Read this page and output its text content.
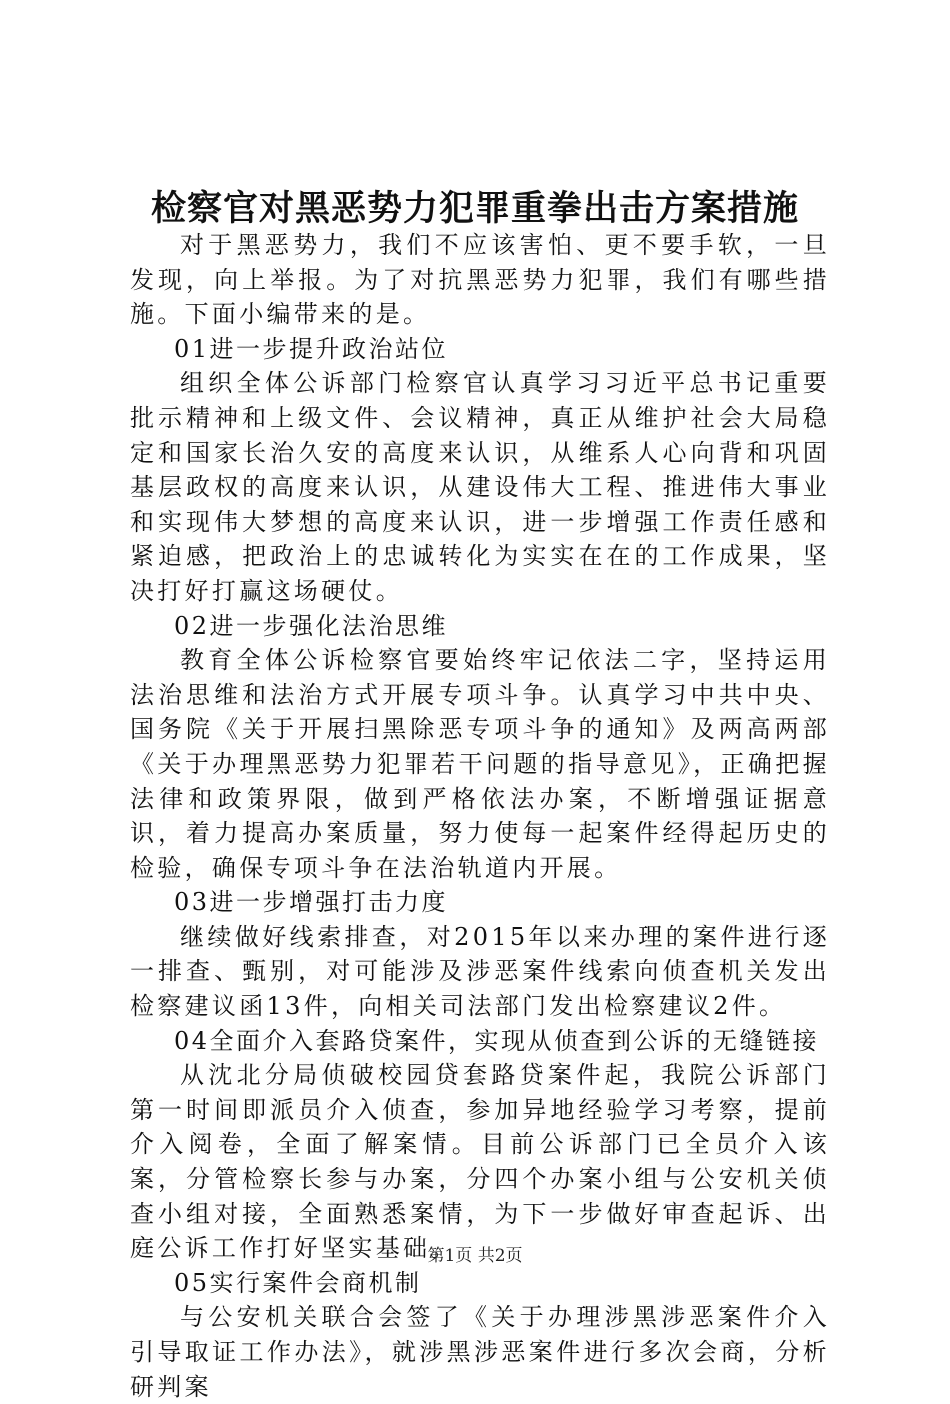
检察官对黑恶势力犯罪重拳出击方案措施

对于黑恶势力，我们不应该害怕、更不要手软，一旦发现，向上举报。为了对抗黑恶势力犯罪，我们有哪些措施。下面小编带来的是。

01进一步提升政治站位

组织全体公诉部门检察官认真学习习近平总书记重要批示精神和上级文件、会议精神，真正从维护社会大局稳定和国家长治久安的高度来认识，从维系人心向背和巩固基层政权的高度来认识，从建设伟大工程、推进伟大事业和实现伟大梦想的高度来认识，进一步增强工作责任感和紧迫感，把政治上的忠诚转化为实实在在的工作成果，坚决打好打赢这场硬仗。

02进一步强化法治思维

教育全体公诉检察官要始终牢记依法二字，坚持运用法治思维和法治方式开展专项斗争。认真学习中共中央、国务院《关于开展扫黑除恶专项斗争的通知》及两高两部《关于办理黑恶势力犯罪若干问题的指导意见》，正确把握法律和政策界限，做到严格依法办案，不断增强证据意识，着力提高办案质量，努力使每一起案件经得起历史的检验，确保专项斗争在法治轨道内开展。

03进一步增强打击力度

继续做好线索排查，对2015年以来办理的案件进行逐一排查、甄别，对可能涉及涉恶案件线索向侦查机关发出检察建议函13件，向相关司法部门发出检察建议2件。

04全面介入套路贷案件，实现从侦查到公诉的无缝链接

从沈北分局侦破校园贷套路贷案件起，我院公诉部门第一时间即派员介入侦查，参加异地经验学习考察，提前介入阅卷，全面了解案情。目前公诉部门已全员介入该案，分管检察长参与办案，分四个办案小组与公安机关侦查小组对接，全面熟悉案情，为下一步做好审查起诉、出庭公诉工作打好坚实基础。

05实行案件会商机制

与公安机关联合会签了《关于办理涉黑涉恶案件介入引导取证工作办法》，就涉黑涉恶案件进行多次会商，分析研判案

第1页 共2页
